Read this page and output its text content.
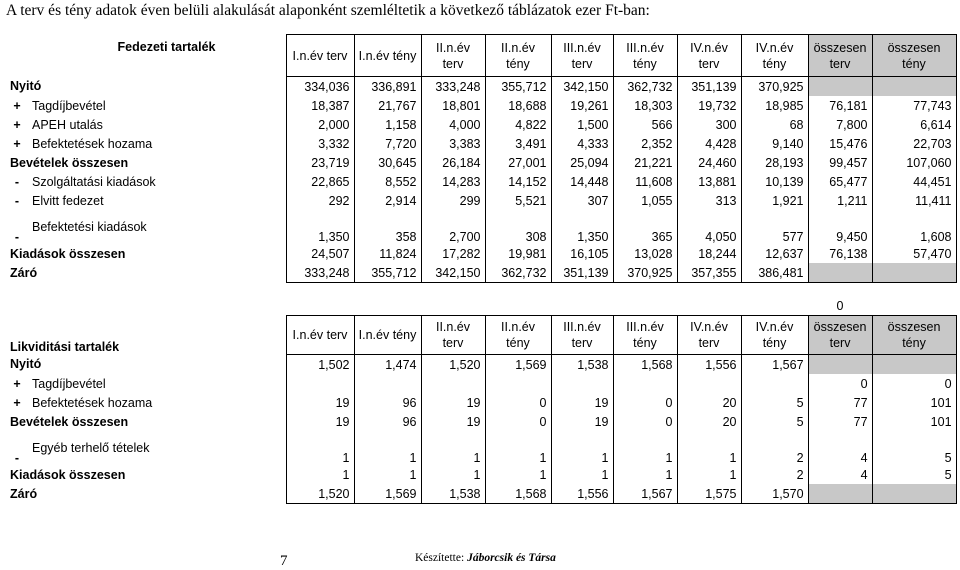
A terv és tény adatok éven belüli alakulását alaponként szemléltetik a következő táblázatok ezer Ft-ban:
Fedezeti tartalék		I.n.év terv	I.n.év tény	II.n.év terv	II.n.év tény	III.n.év terv	III.n.év tény	IV.n.év terv	IV.n.év tény	összesen terv	összesen tény
Nyitó		334,036	336,891	333,248	355,712	342,150	362,732	351,139	370,925		
+	Tagdíjbevétel	18,387	21,767	18,801	18,688	19,261	18,303	19,732	18,985	76,181	77,743
+	APEH utalás	2,000	1,158	4,000	4,822	1,500	566	300	68	7,800	6,614
+	Befektetések hozama	3,332	7,720	3,383	3,491	4,333	2,352	4,428	9,140	15,476	22,703
Bevételek összesen		23,719	30,645	26,184	27,001	25,094	21,221	24,460	28,193	99,457	107,060
-	Szolgáltatási kiadások	22,865	8,552	14,283	14,152	14,448	11,608	13,881	10,139	65,477	44,451
-	Elvitt fedezet	292	2,914	299	5,521	307	1,055	313	1,921	1,211	11,411
-	Befektetési kiadások	1,350	358	2,700	308	1,350	365	4,050	577	9,450	1,608
Kiadások összesen		24,507	11,824	17,282	19,981	16,105	13,028	18,244	12,637	76,138	57,470
Záró		333,248	355,712	342,150	362,732	351,139	370,925	357,355	386,481		
										0	
Likviditási tartalék		I.n.év terv	I.n.év tény	II.n.év terv	II.n.év tény	III.n.év terv	III.n.év tény	IV.n.év terv	IV.n.év tény	összesen terv	összesen tény
Nyitó		1,502	1,474	1,520	1,569	1,538	1,568	1,556	1,567		
+	Tagdíjbevétel									0	0
+	Befektetések hozama	19	96	19	0	19	0	20	5	77	101
Bevételek összesen		19	96	19	0	19	0	20	5	77	101
-	Egyéb terhelő tételek	1	1	1	1	1	1	1	2	4	5
Kiadások összesen		1	1	1	1	1	1	1	2	4	5
Záró		1,520	1,569	1,538	1,568	1,556	1,567	1,575	1,570		
7	Készítette: Jáborcsik és Társa
